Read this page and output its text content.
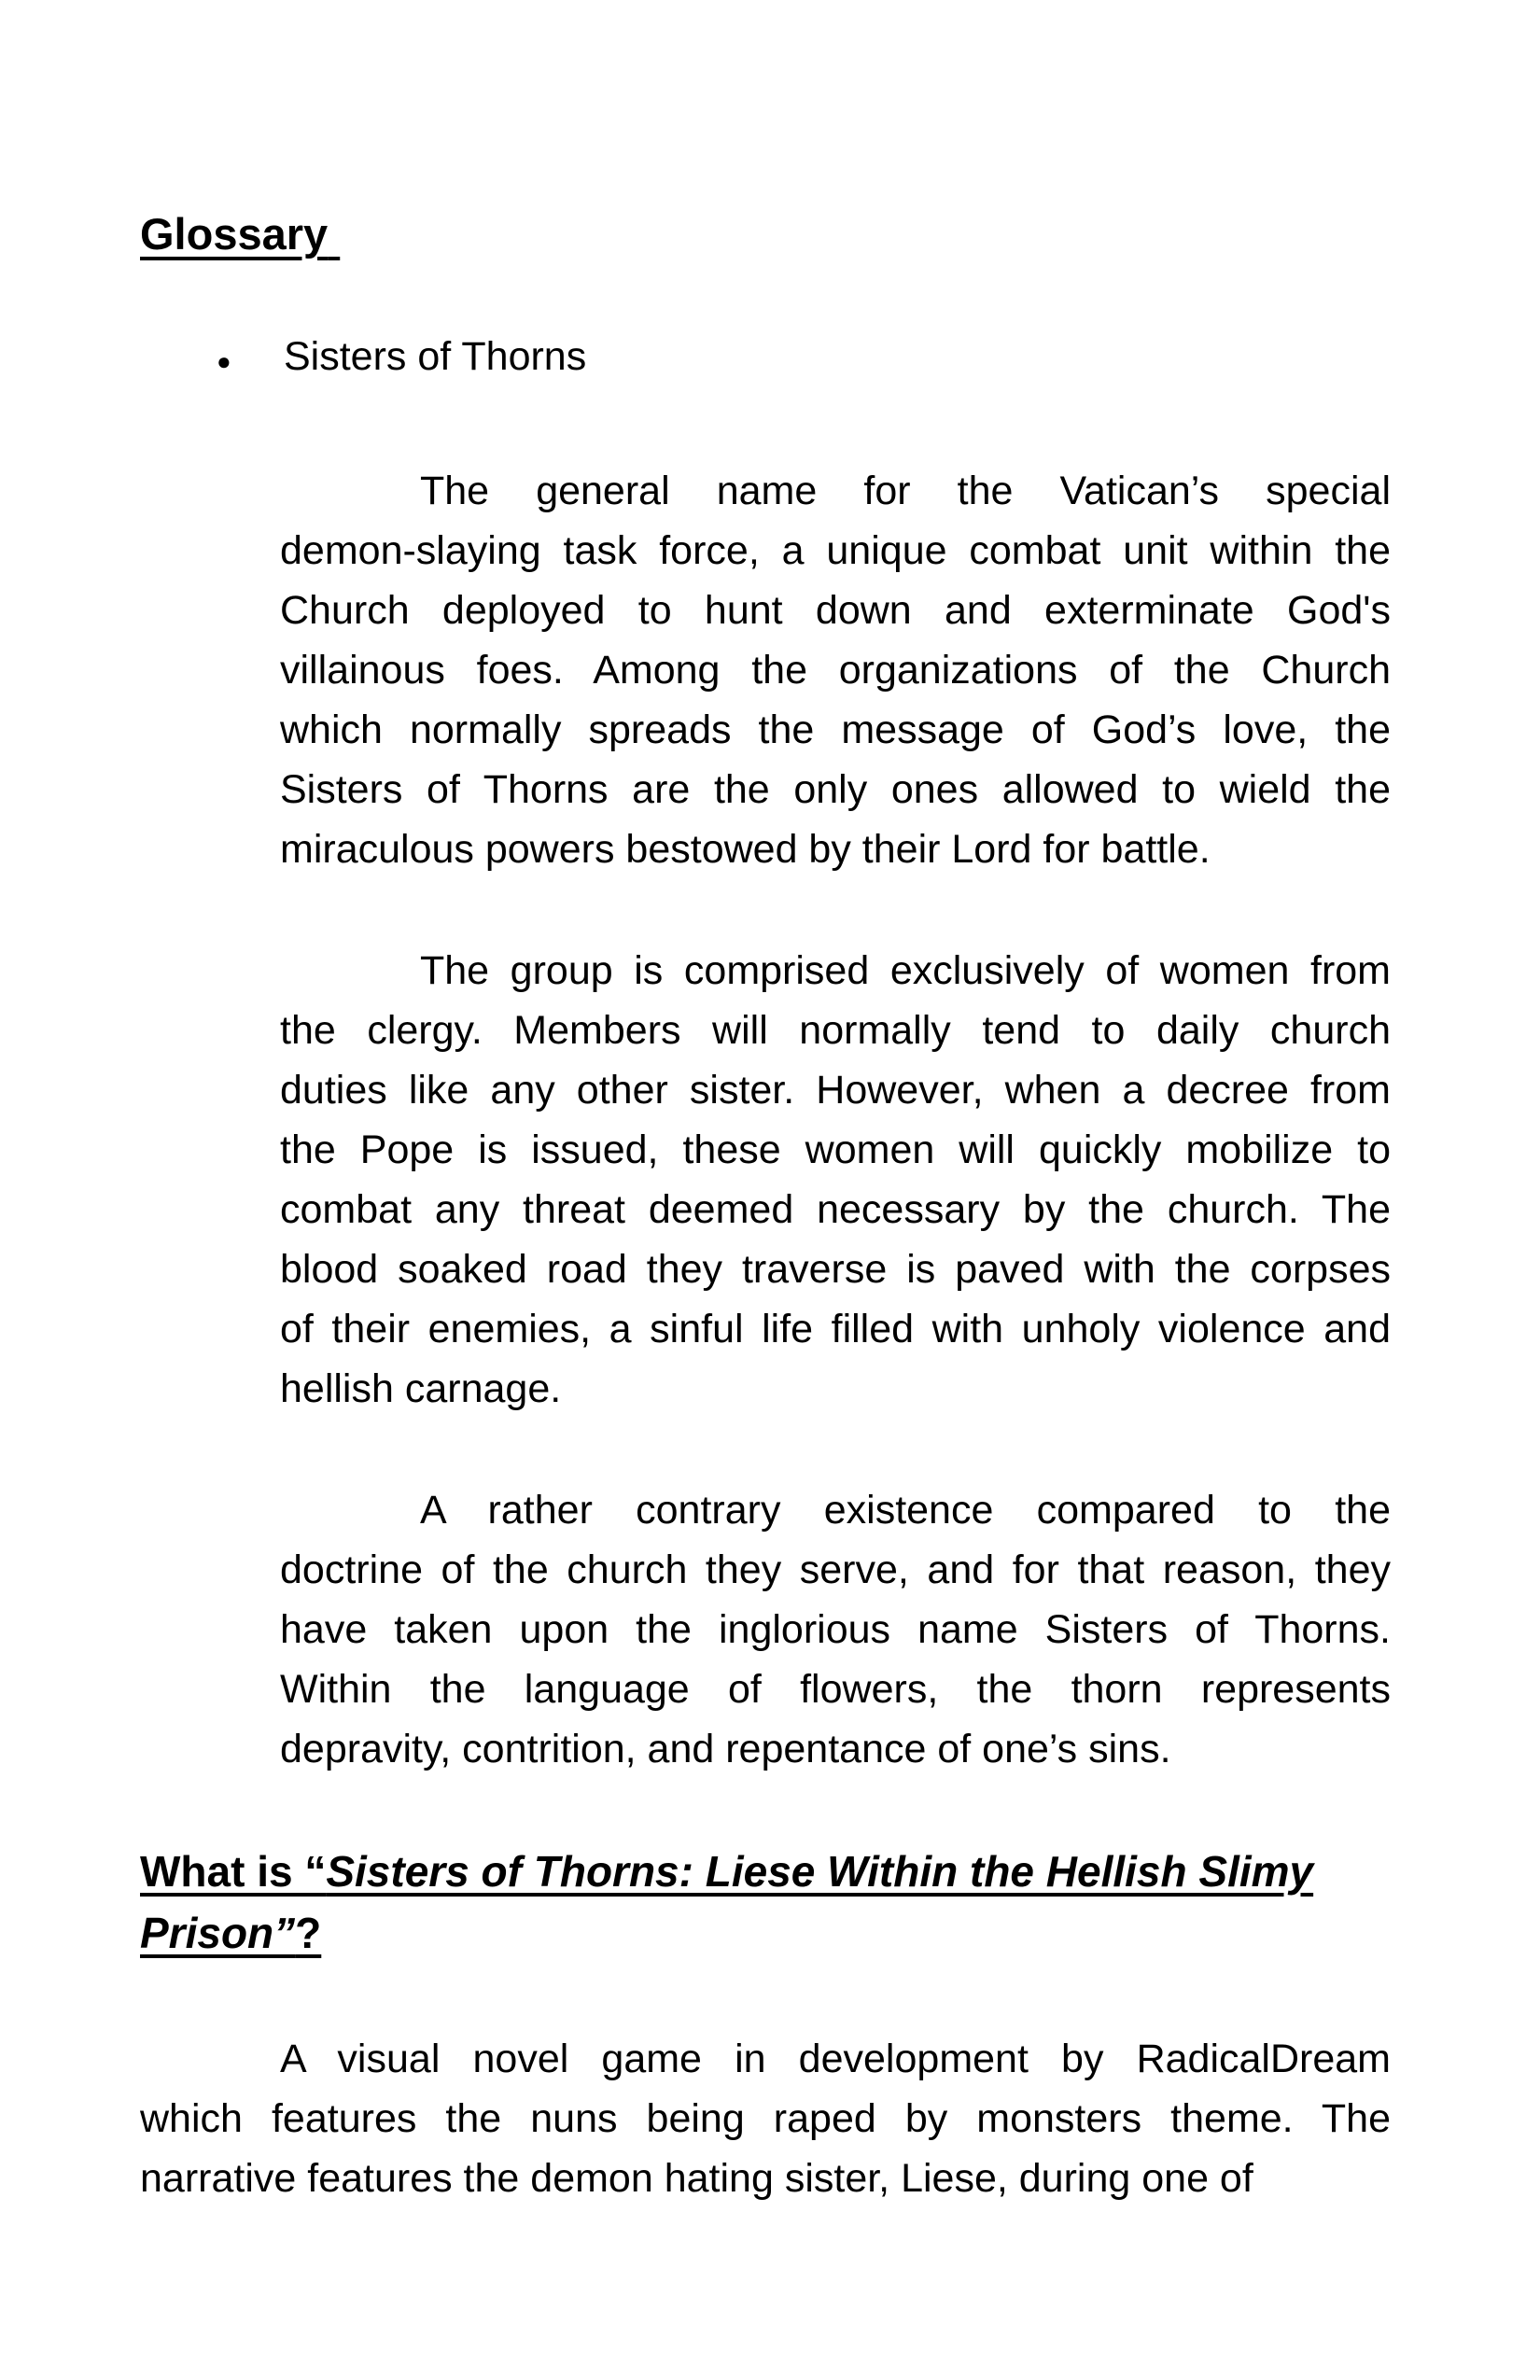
Glossary
●	Sisters of Thorns
The general name for the Vatican’s special
demon-slaying task force, a unique combat unit within the
Church deployed to hunt down and exterminate God's
villainous foes. Among the organizations of the Church
which normally spreads the message of God’s love, the
Sisters of Thorns are the only ones allowed to wield the
miraculous powers bestowed by their Lord for battle.
The group is comprised exclusively of women from
the clergy. Members will normally tend to daily church
duties like any other sister. However, when a decree from
the Pope is issued, these women will quickly mobilize to
combat any threat deemed necessary by the church. The
blood soaked road they traverse is paved with the corpses
of their enemies, a sinful life filled with unholy violence and
hellish carnage.
A rather contrary existence compared to the
doctrine of the church they serve, and for that reason, they
have taken upon the inglorious name Sisters of Thorns.
Within the language of flowers, the thorn represents
depravity, contrition, and repentance of one’s sins.
What is “Sisters of Thorns: Liese Within the Hellish Slimy Prison”?
A visual novel game in development by RadicalDream
which features the nuns being raped by monsters theme. The
narrative features the demon hating sister, Liese, during one of
